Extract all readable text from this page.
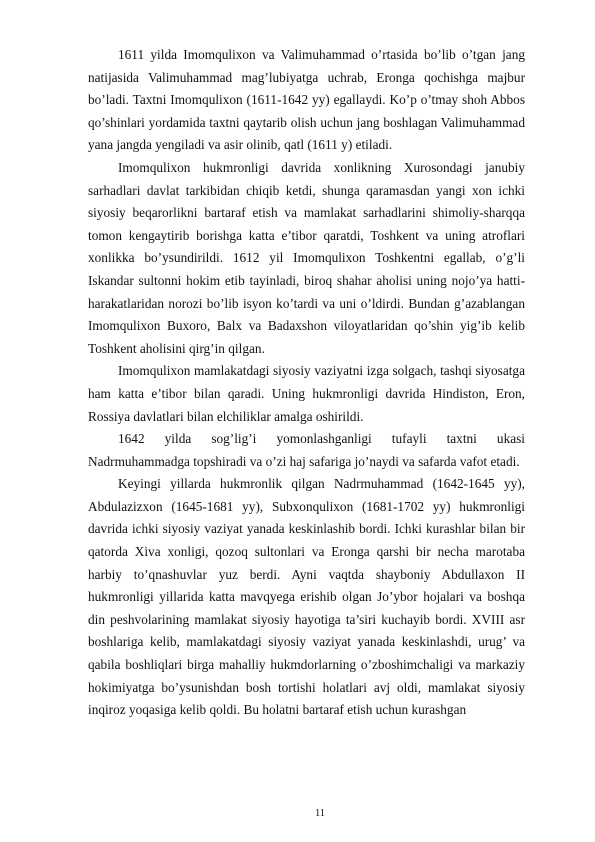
1611 yilda Imomqulixon va Valimuhammad o’rtasida bo’lib o’tgan jang natijasida Valimuhammad mag’lubiyatga uchrab, Eronga qochishga majbur bo’ladi. Taxtni Imomqulixon (1611-1642 yy) egallaydi. Ko’p o’tmay shoh Abbos qo’shinlari yordamida taxtni qaytarib olish uchun jang boshlagan Valimuhammad yana jangda yengiladi va asir olinib, qatl (1611 y) etiladi.

Imomqulixon hukmronligi davrida xonlikning Xurosondagi janubiy sarhadlari davlat tarkibidan chiqib ketdi, shunga qaramasdan yangi xon ichki siyosiy beqarorlikni bartaraf etish va mamlakat sarhadlarini shimoliy-sharqqa tomon kengaytirib borishga katta e’tibor qaratdi, Toshkent va uning atroflari xonlikka bo’ysundirildi. 1612 yil Imomqulixon Toshkentni egallab, o’g’li Iskandar sultonni hokim etib tayinladi, biroq shahar aholisi uning nojo’ya hatti-harakatlaridan norozi bo’lib isyon ko’tardi va uni o’ldirdi. Bundan g’azablangan Imomqulixon Buxoro, Balx va Badaxshon viloyatlaridan qo’shin yig’ib kelib Toshkent aholisini qirg’in qilgan.

Imomqulixon mamlakatdagi siyosiy vaziyatni izga solgach, tashqi siyosatga ham katta e’tibor bilan qaradi. Uning hukmronligi davrida Hindiston, Eron, Rossiya davlatlari bilan elchiliklar amalga oshirildi.

1642 yilda sog’lig’i yomonlashganligi tufayli taxtni ukasi Nadrmuhammadga topshiradi va o’zi haj safariga jo’naydi va safarda vafot etadi.

Keyingi yillarda hukmronlik qilgan Nadrmuhammad (1642-1645 yy), Abdulazizxon (1645-1681 yy), Subxonqulixon (1681-1702 yy) hukmronligi davrida ichki siyosiy vaziyat yanada keskinlashib bordi. Ichki kurashlar bilan bir qatorda Xiva xonligi, qozoq sultonlari va Eronga qarshi bir necha marotaba harbiy to’qnashuvlar yuz berdi. Ayni vaqtda shayboniy Abdullaxon II hukmronligi yillarida katta mavqyega erishib olgan Jo’ybor hojalari va boshqa din peshvolarining mamlakat siyosiy hayotiga ta’siri kuchayib bordi. XVIII asr boshlariga kelib, mamlakatdagi siyosiy vaziyat yanada keskinlashdi, urug’ va qabila boshliqlari birga mahalliy hukmdorlarning o’zboshimchaligi va markaziy hokimiyatga bo’ysunishdan bosh tortishi holatlari avj oldi, mamlakat siyosiy inqiroz yoqasiga kelib qoldi. Bu holatni bartaraf etish uchun kurashgan

11
